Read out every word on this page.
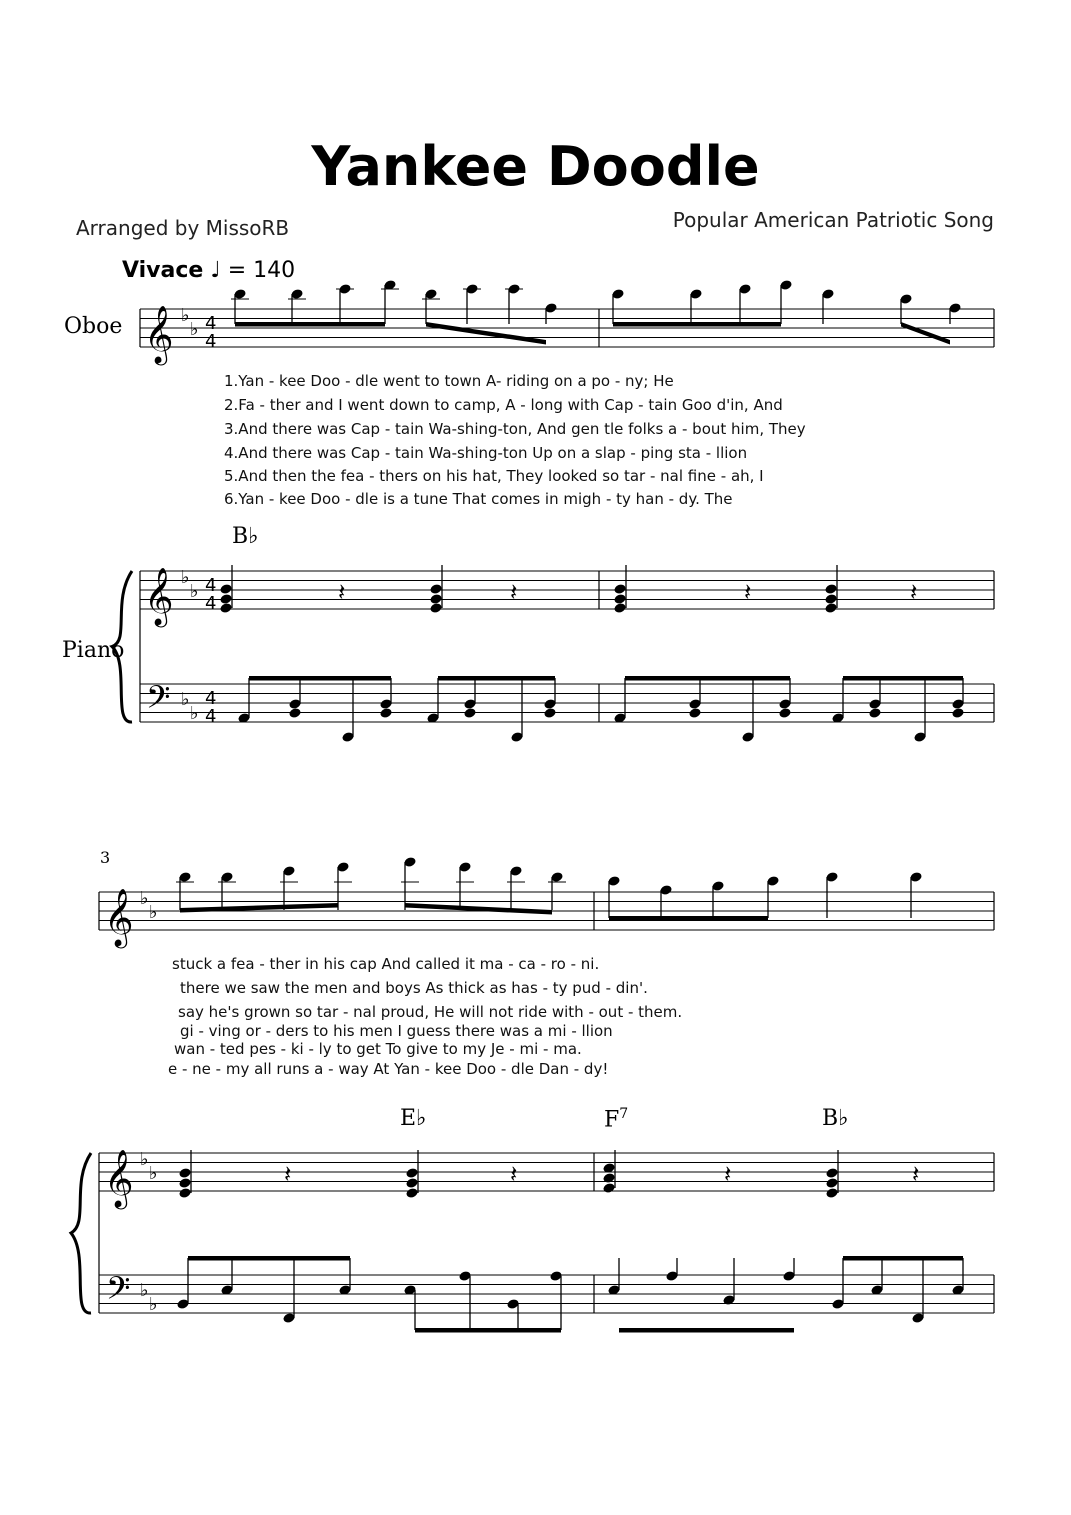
Yankee Doodle
Arranged by MissoRB	Popular American Patriotic Song
Vivace ♩ = 140
Oboe
Piano
B♭
E♭	$F^7$	B♭
3
1.Yan - kee Doo - dle went to town A- riding on a po - ny; He
2.Fa - ther and I went down to camp, A - long with Cap - tain Goo d'in, And
3.And there was Cap - tain Wa-shing-ton, And gen tle folks a - bout him, They
4.And there was Cap - tain Wa-shing-ton Up on a slap - ping sta - llion
5.And then the fea - thers on his hat, They looked so tar - nal fine - ah, I
6.Yan - kee Doo - dle is a tune That comes in migh - ty han - dy. The
stuck a fea - ther in his cap And called it ma - ca - ro - ni.
there we saw the men and boys As thick as has - ty pud - din'.
say he's grown so tar - nal proud, He will not ride with - out - them.
gi - ving or - ders to his men I guess there was a mi - llion
wan - ted pes - ki - ly to get To give to my Je - mi - ma.
e - ne - my all runs a - way At Yan - kee Doo - dle Dan - dy!
𝄞
𝄞
𝄢
♭
♭ 4
4
♭
♭ 4
4
♭
♭
4
4
𝄽	𝄽	𝄽	𝄽
𝄞
𝄞
𝄢
♭
♭
♭
♭
♭
♭
𝄽	𝄽	𝄽	𝄽
